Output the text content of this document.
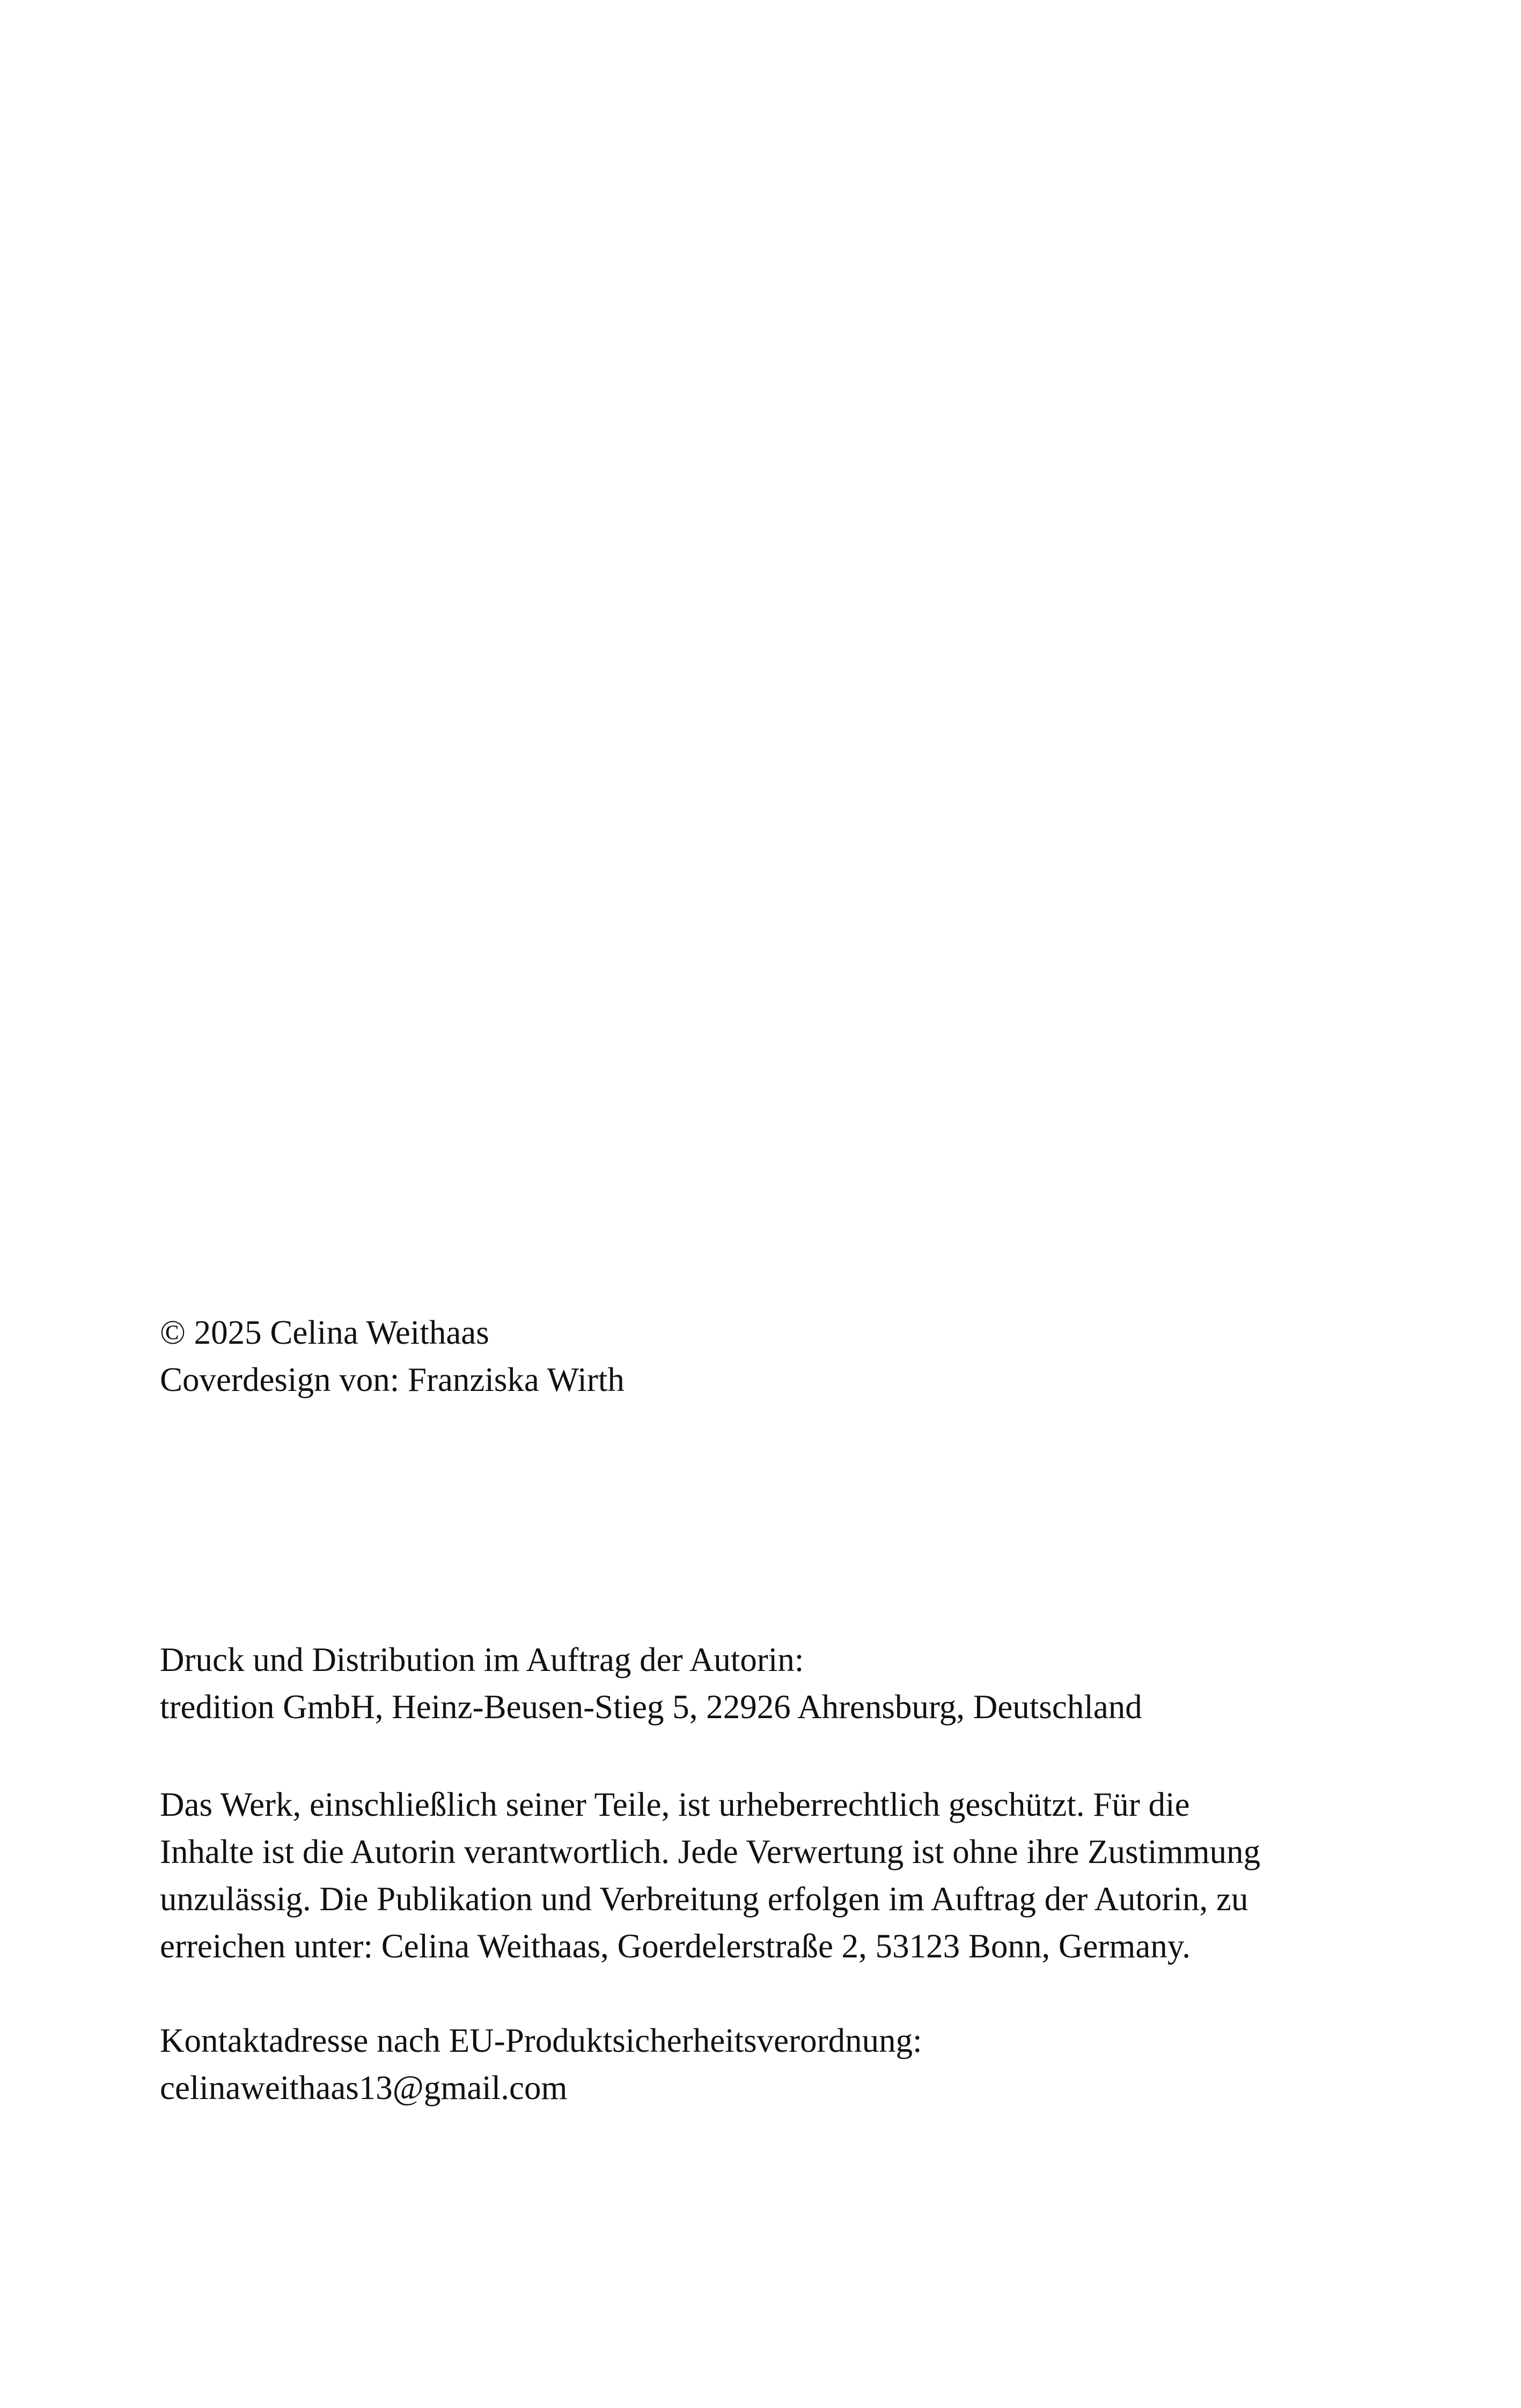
© 2025 Celina Weithaas
Coverdesign von: Franziska Wirth
Druck und Distribution im Auftrag der Autorin:
tredition GmbH, Heinz-Beusen-Stieg 5, 22926 Ahrensburg, Deutschland
Das Werk, einschließlich seiner Teile, ist urheberrechtlich geschützt. Für die
Inhalte ist die Autorin verantwortlich. Jede Verwertung ist ohne ihre Zustimmung
unzulässig. Die Publikation und Verbreitung erfolgen im Auftrag der Autorin, zu
erreichen unter: Celina Weithaas, Goerdelerstraße 2, 53123 Bonn, Germany.
Kontaktadresse nach EU-Produktsicherheitsverordnung:
celinaweithaas13@gmail.com
